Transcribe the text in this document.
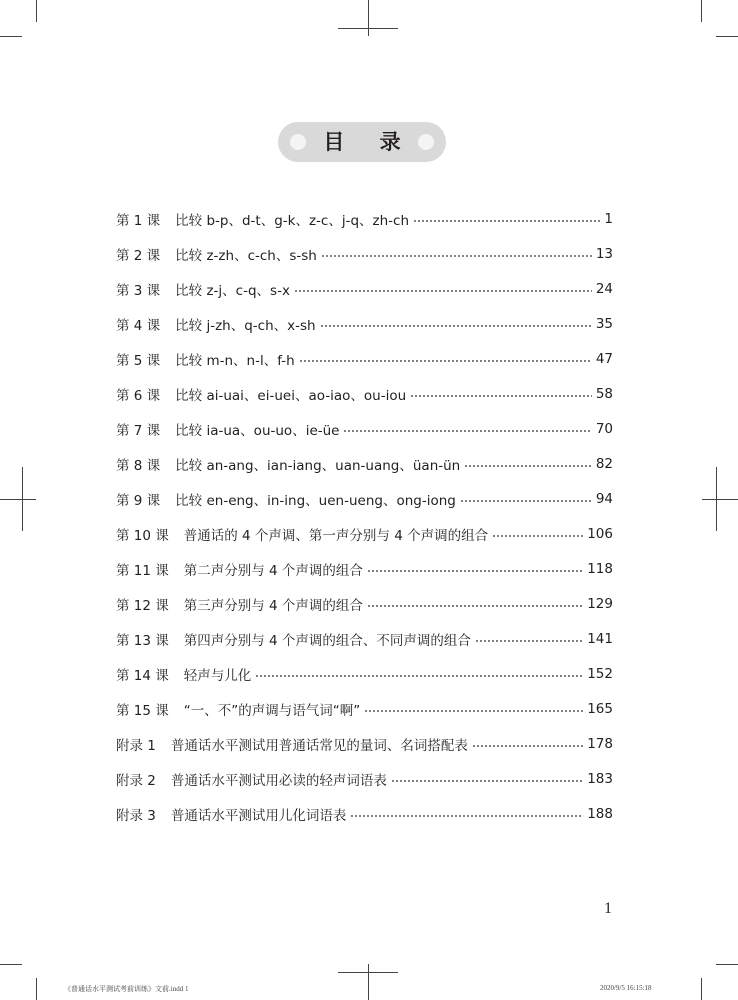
目 录
第 1 课 比较 b-p、d-t、g-k、z-c、j-q、zh-ch	1
第 2 课 比较 z-zh、c-ch、s-sh	13
第 3 课 比较 z-j、c-q、s-x	24
第 4 课 比较 j-zh、q-ch、x-sh	35
第 5 课 比较 m-n、n-l、f-h	47
第 6 课 比较 ai-uai、ei-uei、ao-iao、ou-iou	58
第 7 课 比较 ia-ua、ou-uo、ie-üe	70
第 8 课 比较 an-ang、ian-iang、uan-uang、üan-ün	82
第 9 课 比较 en-eng、in-ing、uen-ueng、ong-iong	94
第 10 课 普通话的 4 个声调、第一声分别与 4 个声调的组合	106
第 11 课 第二声分别与 4 个声调的组合	118
第 12 课 第三声分别与 4 个声调的组合	129
第 13 课 第四声分别与 4 个声调的组合、不同声调的组合	141
第 14 课 轻声与儿化	152
第 15 课 “一、不”的声调与语气词“啊”	165
附录 1 普通话水平测试用普通话常见的量词、名词搭配表	178
附录 2 普通话水平测试用必读的轻声词语表	183
附录 3 普通话水平测试用儿化词语表	188
1
《普通话水平测试考前训练》文前.indd 1	2020/9/5 16:15:18
